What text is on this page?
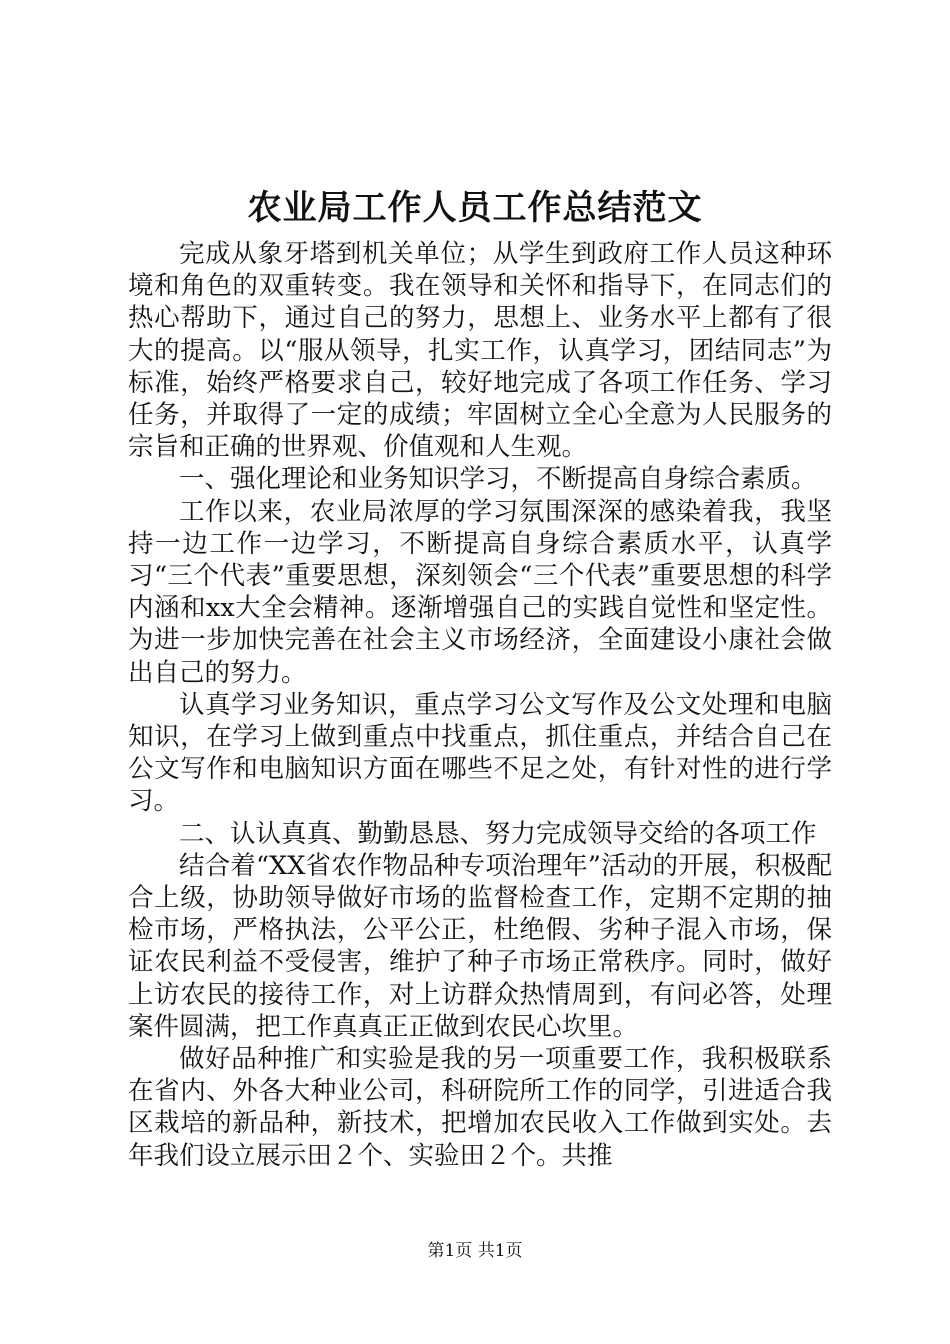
农业局工作人员工作总结范文

完成从象牙塔到机关单位；从学生到政府工作人员这种环境和角色的双重转变。我在领导和关怀和指导下，在同志们的热心帮助下，通过自己的努力，思想上、业务水平上都有了很大的提高。以“服从领导，扎实工作，认真学习，团结同志”为标准，始终严格要求自己，较好地完成了各项工作任务、学习任务，并取得了一定的成绩；牢固树立全心全意为人民服务的宗旨和正确的世界观、价值观和人生观。

一、强化理论和业务知识学习，不断提高自身综合素质。

工作以来，农业局浓厚的学习氛围深深的感染着我，我坚持一边工作一边学习，不断提高自身综合素质水平，认真学习“三个代表”重要思想，深刻领会“三个代表”重要思想的科学内涵和xx大全会精神。逐渐增强自己的实践自觉性和坚定性。为进一步加快完善在社会主义市场经济，全面建设小康社会做出自己的努力。

认真学习业务知识，重点学习公文写作及公文处理和电脑知识，在学习上做到重点中找重点，抓住重点，并结合自己在公文写作和电脑知识方面在哪些不足之处，有针对性的进行学习。

二、认认真真、勤勤恳恳、努力完成领导交给的各项工作

结合着“XX省农作物品种专项治理年”活动的开展，积极配合上级，协助领导做好市场的监督检查工作，定期不定期的抽检市场，严格执法，公平公正，杜绝假、劣种子混入市场，保证农民利益不受侵害，维护了种子市场正常秩序。同时，做好上访农民的接待工作，对上访群众热情周到，有问必答，处理案件圆满，把工作真真正正做到农民心坎里。

做好品种推广和实验是我的另一项重要工作，我积极联系在省内、外各大种业公司，科研院所工作的同学，引进适合我区栽培的新品种，新技术，把增加农民收入工作做到实处。去年我们设立展示田２个、实验田２个。共推

第1页 共1页
